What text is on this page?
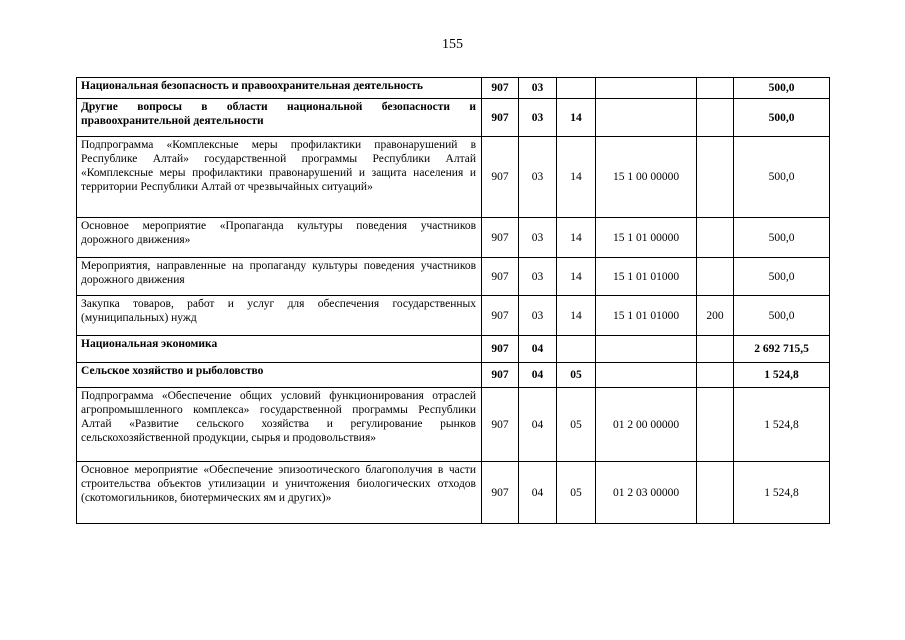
155
Национальная безопасность и правоохранительная деятельность	907	03				500,0
Другие вопросы в области национальной безопасности и правоохранительной деятельности	907	03	14			500,0
Подпрограмма «Комплексные меры профилактики правонарушений в Республике Алтай» государственной программы Республики Алтай «Комплексные меры профилактики правонарушений и защита населения и территории Республики Алтай от чрезвычайных ситуаций»	907	03	14	15 1 00 00000		500,0
Основное мероприятие «Пропаганда культуры поведения участников дорожного движения»	907	03	14	15 1 01 00000		500,0
Мероприятия, направленные на пропаганду культуры поведения участников дорожного движения	907	03	14	15 1 01 01000		500,0
Закупка товаров, работ и услуг для обеспечения государственных (муниципальных) нужд	907	03	14	15 1 01 01000	200	500,0
Национальная экономика	907	04				2 692 715,5
Сельское хозяйство и рыболовство	907	04	05			1 524,8
Подпрограмма «Обеспечение общих условий функционирования отраслей агропромышленного комплекса» государственной программы Республики Алтай «Развитие сельского хозяйства и регулирование рынков сельскохозяйственной продукции, сырья и продовольствия»	907	04	05	01 2 00 00000		1 524,8
Основное мероприятие «Обеспечение эпизоотического благополучия в части строительства объектов утилизации и уничтожения биологических отходов (скотомогильников, биотермических ям и других)»	907	04	05	01 2 03 00000		1 524,8
